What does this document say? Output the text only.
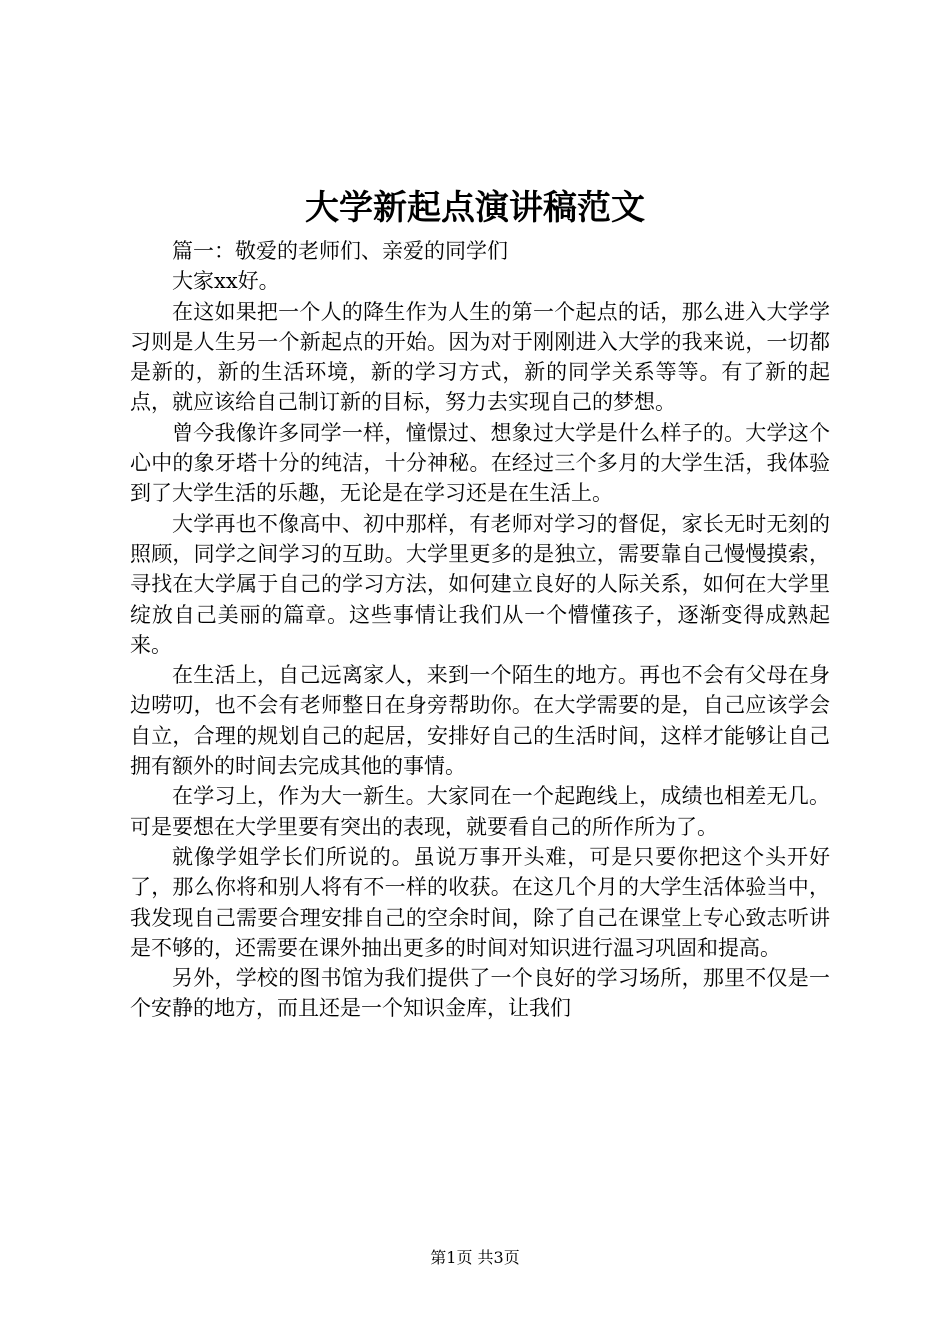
大学新起点演讲稿范文

篇一：敬爱的老师们、亲爱的同学们

大家xx好。

在这如果把一个人的降生作为人生的第一个起点的话，那么进入大学学习则是人生另一个新起点的开始。因为对于刚刚进入大学的我来说，一切都是新的，新的生活环境，新的学习方式，新的同学关系等等。有了新的起点，就应该给自己制订新的目标，努力去实现自己的梦想。

曾今我像许多同学一样，憧憬过、想象过大学是什么样子的。大学这个心中的象牙塔十分的纯洁，十分神秘。在经过三个多月的大学生活，我体验到了大学生活的乐趣，无论是在学习还是在生活上。

大学再也不像高中、初中那样，有老师对学习的督促，家长无时无刻的照顾，同学之间学习的互助。大学里更多的是独立，需要靠自己慢慢摸索，寻找在大学属于自己的学习方法，如何建立良好的人际关系，如何在大学里绽放自己美丽的篇章。这些事情让我们从一个懵懂孩子，逐渐变得成熟起来。

在生活上，自己远离家人，来到一个陌生的地方。再也不会有父母在身边唠叨，也不会有老师整日在身旁帮助你。在大学需要的是，自己应该学会自立，合理的规划自己的起居，安排好自己的生活时间，这样才能够让自己拥有额外的时间去完成其他的事情。

在学习上，作为大一新生。大家同在一个起跑线上，成绩也相差无几。可是要想在大学里要有突出的表现，就要看自己的所作所为了。

就像学姐学长们所说的。虽说万事开头难，可是只要你把这个头开好了，那么你将和别人将有不一样的收获。在这几个月的大学生活体验当中，我发现自己需要合理安排自己的空余时间，除了自己在课堂上专心致志听讲是不够的，还需要在课外抽出更多的时间对知识进行温习巩固和提高。

另外，学校的图书馆为我们提供了一个良好的学习场所，那里不仅是一个安静的地方，而且还是一个知识金库，让我们

第1页 共3页
